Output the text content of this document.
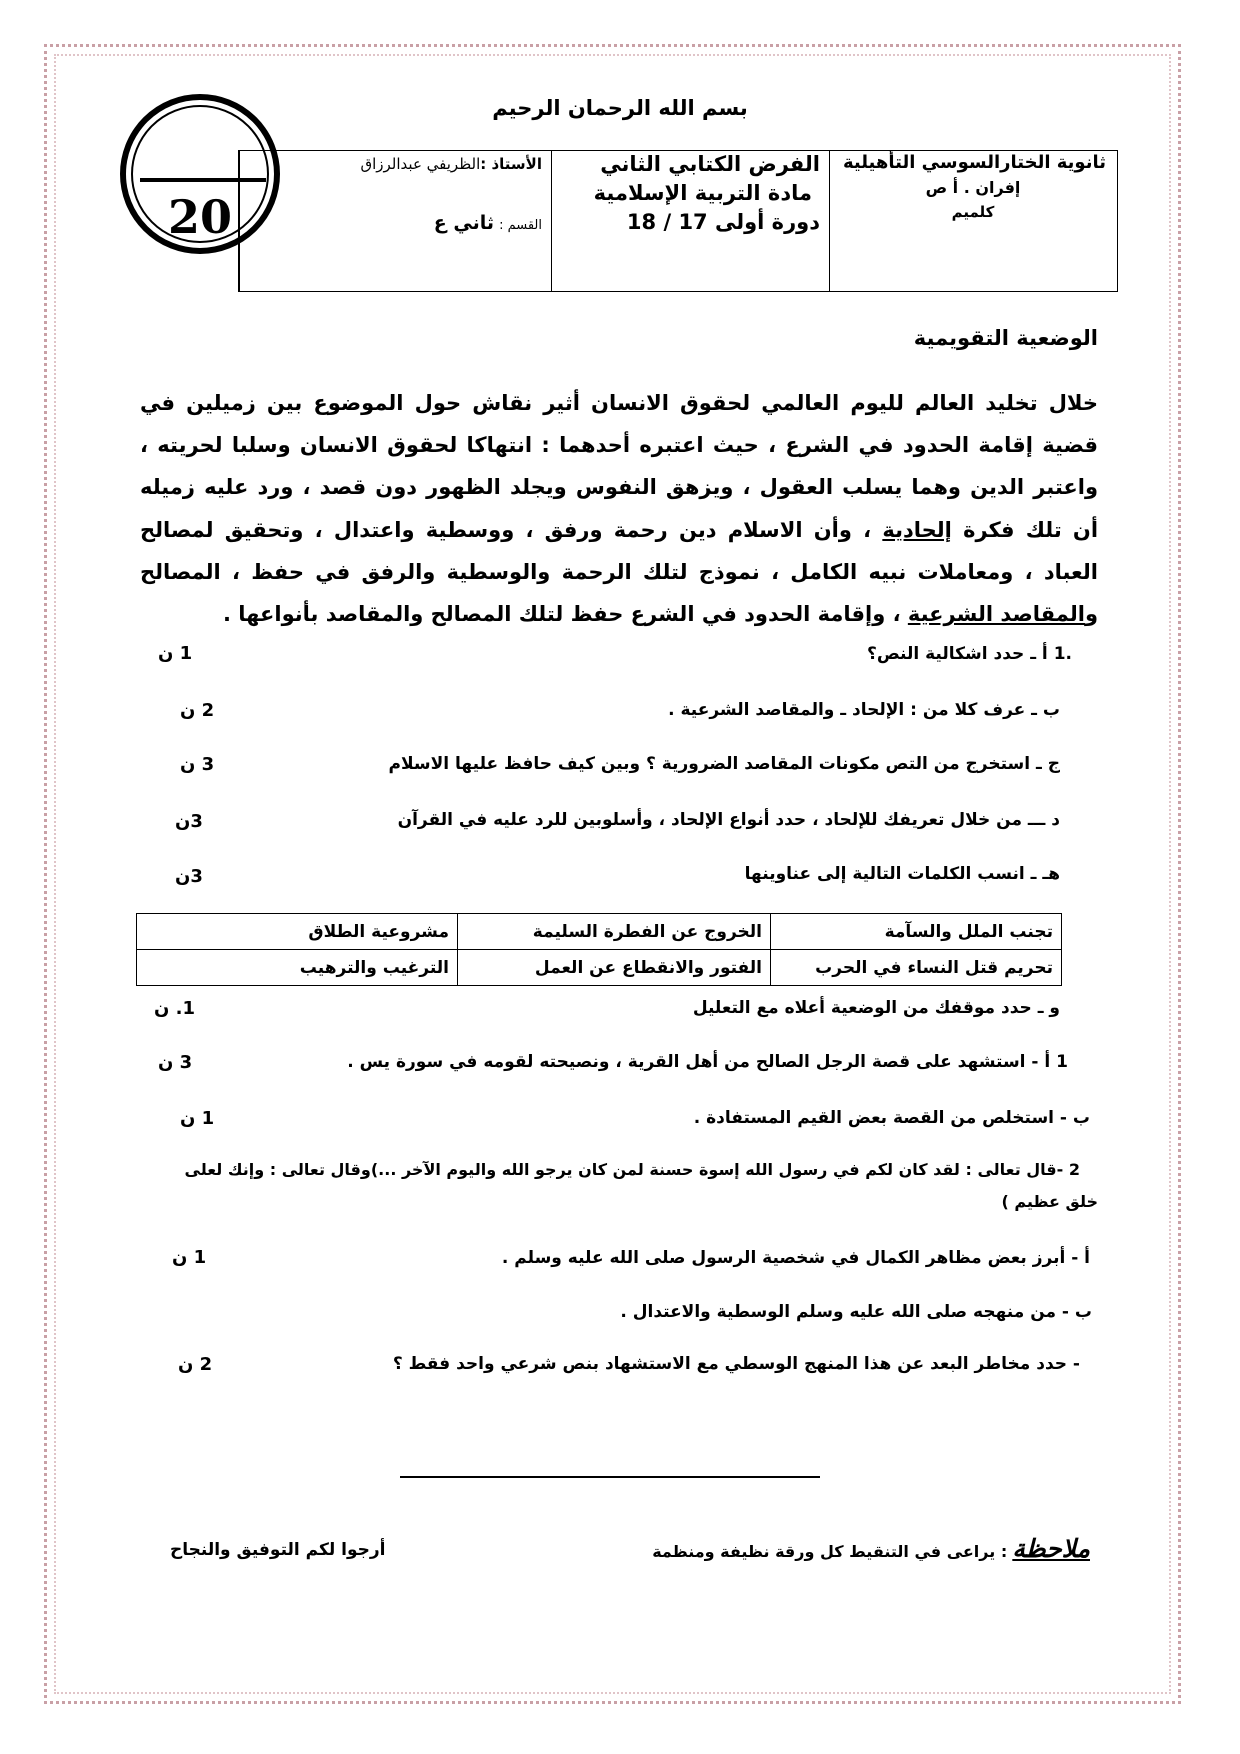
بسم الله الرحمان الرحيم
20
ثانوية الختارالسوسي التأهيلية
إفران . أ ص
كلميم
الفرض الكتابي الثاني
مادة التربية الإسلامية
دورة أولى 17 / 18
الأستاذ :الظريفي عبدالرزاق
القسم : ثاني ع
الوضعية التقويمية
خلال تخليد العالم لليوم العالمي لحقوق الانسان أثير نقاش حول الموضوع بين زميلين في قضية إقامة الحدود في الشرع ، حيث اعتبره أحدهما : انتهاكا لحقوق الانسان وسلبا لحريته ، واعتبر الدين وهما يسلب العقول ، ويزهق النفوس ويجلد الظهور دون قصد ، ورد عليه زميله أن تلك فكرة إلحادية ، وأن الاسلام دين رحمة ورفق ، ووسطية واعتدال ، وتحقيق لمصالح العباد ، ومعاملات نبيه الكامل ، نموذج لتلك الرحمة والوسطية والرفق في حفظ ، المصالح والمقاصد الشرعية ، وإقامة الحدود في الشرع حفظ لتلك المصالح والمقاصد بأنواعها .
.1 أ ـ حدد اشكالية النص؟
1 ن
ب ـ عرف كلا من : الإلحاد ـ والمقاصد الشرعية .
2 ن
ج ـ استخرج من التص مكونات المقاصد الضرورية ؟ وبين كيف حافظ عليها الاسلام
3 ن
د ـــ من خلال تعريفك للإلحاد ، حدد أنواع الإلحاد ، وأسلوبين للرد عليه في القرآن
3ن
هـ ـ انسب الكلمات التالية إلى عناوينها
3ن
تجنب الملل والسآمة	الخروج عن الفطرة السليمة	مشروعية الطلاق
تحريم قتل النساء في الحرب	الفتور والانقطاع عن العمل	الترغيب والترهيب
و ـ حدد موقفك من الوضعية أعلاه مع التعليل
1. ن
1 أ - استشهد على قصة الرجل الصالح من أهل القرية ، ونصيحته لقومه في سورة يس .
3 ن
ب - استخلص من القصة بعض القيم المستفادة .
1 ن
2 -قال تعالى : لقد كان لكم في رسول الله إسوة حسنة لمن كان يرجو الله واليوم الآخر ...)وقال تعالى : وإنك لعلى
خلق عظيم )
أ - أبرز بعض مظاهر الكمال في شخصية الرسول صلى الله عليه وسلم .
1 ن
ب - من منهجه صلى الله عليه وسلم الوسطية والاعتدال .
- حدد مخاطر البعد عن هذا المنهج الوسطي مع الاستشهاد بنص شرعي واحد فقط ؟
2 ن
ملاحظة : يراعى في التنقيط كل ورقة نظيفة ومنظمة
أرجوا لكم التوفيق والنجاح
